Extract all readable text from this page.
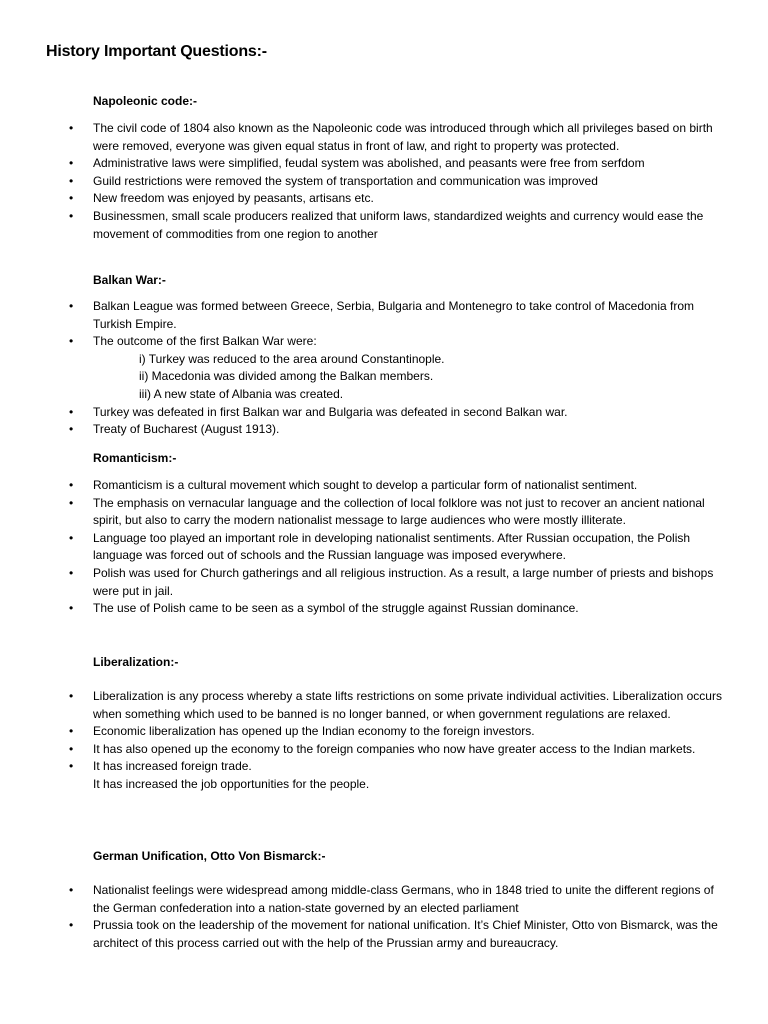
History Important Questions:-
Napoleonic code:-
• The civil code of 1804 also known as the Napoleonic code was introduced through which all privileges based on birth were removed, everyone was given equal status in front of law, and right to property was protected.
• Administrative laws were simplified, feudal system was abolished, and peasants were free from serfdom
• Guild restrictions were removed the system of transportation and communication was improved
• New freedom was enjoyed by peasants, artisans etc.
• Businessmen, small scale producers realized that uniform laws, standardized weights and currency would ease the movement of commodities from one region to another
Balkan War:-
• Balkan League was formed between Greece, Serbia, Bulgaria and Montenegro to take control of Macedonia from Turkish Empire.
• The outcome of the first Balkan War were:
i) Turkey was reduced to the area around Constantinople.
ii) Macedonia was divided among the Balkan members.
iii) A new state of Albania was created.
• Turkey was defeated in first Balkan war and Bulgaria was defeated in second Balkan war.
• Treaty of Bucharest (August 1913).
Romanticism:-
• Romanticism is a cultural movement which sought to develop a particular form of nationalist sentiment.
• The emphasis on vernacular language and the collection of local folklore was not just to recover an ancient national spirit, but also to carry the modern nationalist message to large audiences who were mostly illiterate.
• Language too played an important role in developing nationalist sentiments. After Russian occupation, the Polish language was forced out of schools and the Russian language was imposed everywhere.
• Polish was used for Church gatherings and all religious instruction. As a result, a large number of priests and bishops were put in jail.
• The use of Polish came to be seen as a symbol of the struggle against Russian dominance.
Liberalization:-
• Liberalization is any process whereby a state lifts restrictions on some private individual activities. Liberalization occurs when something which used to be banned is no longer banned, or when government regulations are relaxed.
• Economic liberalization has opened up the Indian economy to the foreign investors.
• It has also opened up the economy to the foreign companies who now have greater access to the Indian markets.
• It has increased foreign trade.
It has increased the job opportunities for the people.
German Unification, Otto Von Bismarck:-
• Nationalist feelings were widespread among middle-class Germans, who in 1848 tried to unite the different regions of the German confederation into a nation-state governed by an elected parliament
• Prussia took on the leadership of the movement for national unification. It’s Chief Minister, Otto von Bismarck, was the architect of this process carried out with the help of the Prussian army and bureaucracy.
